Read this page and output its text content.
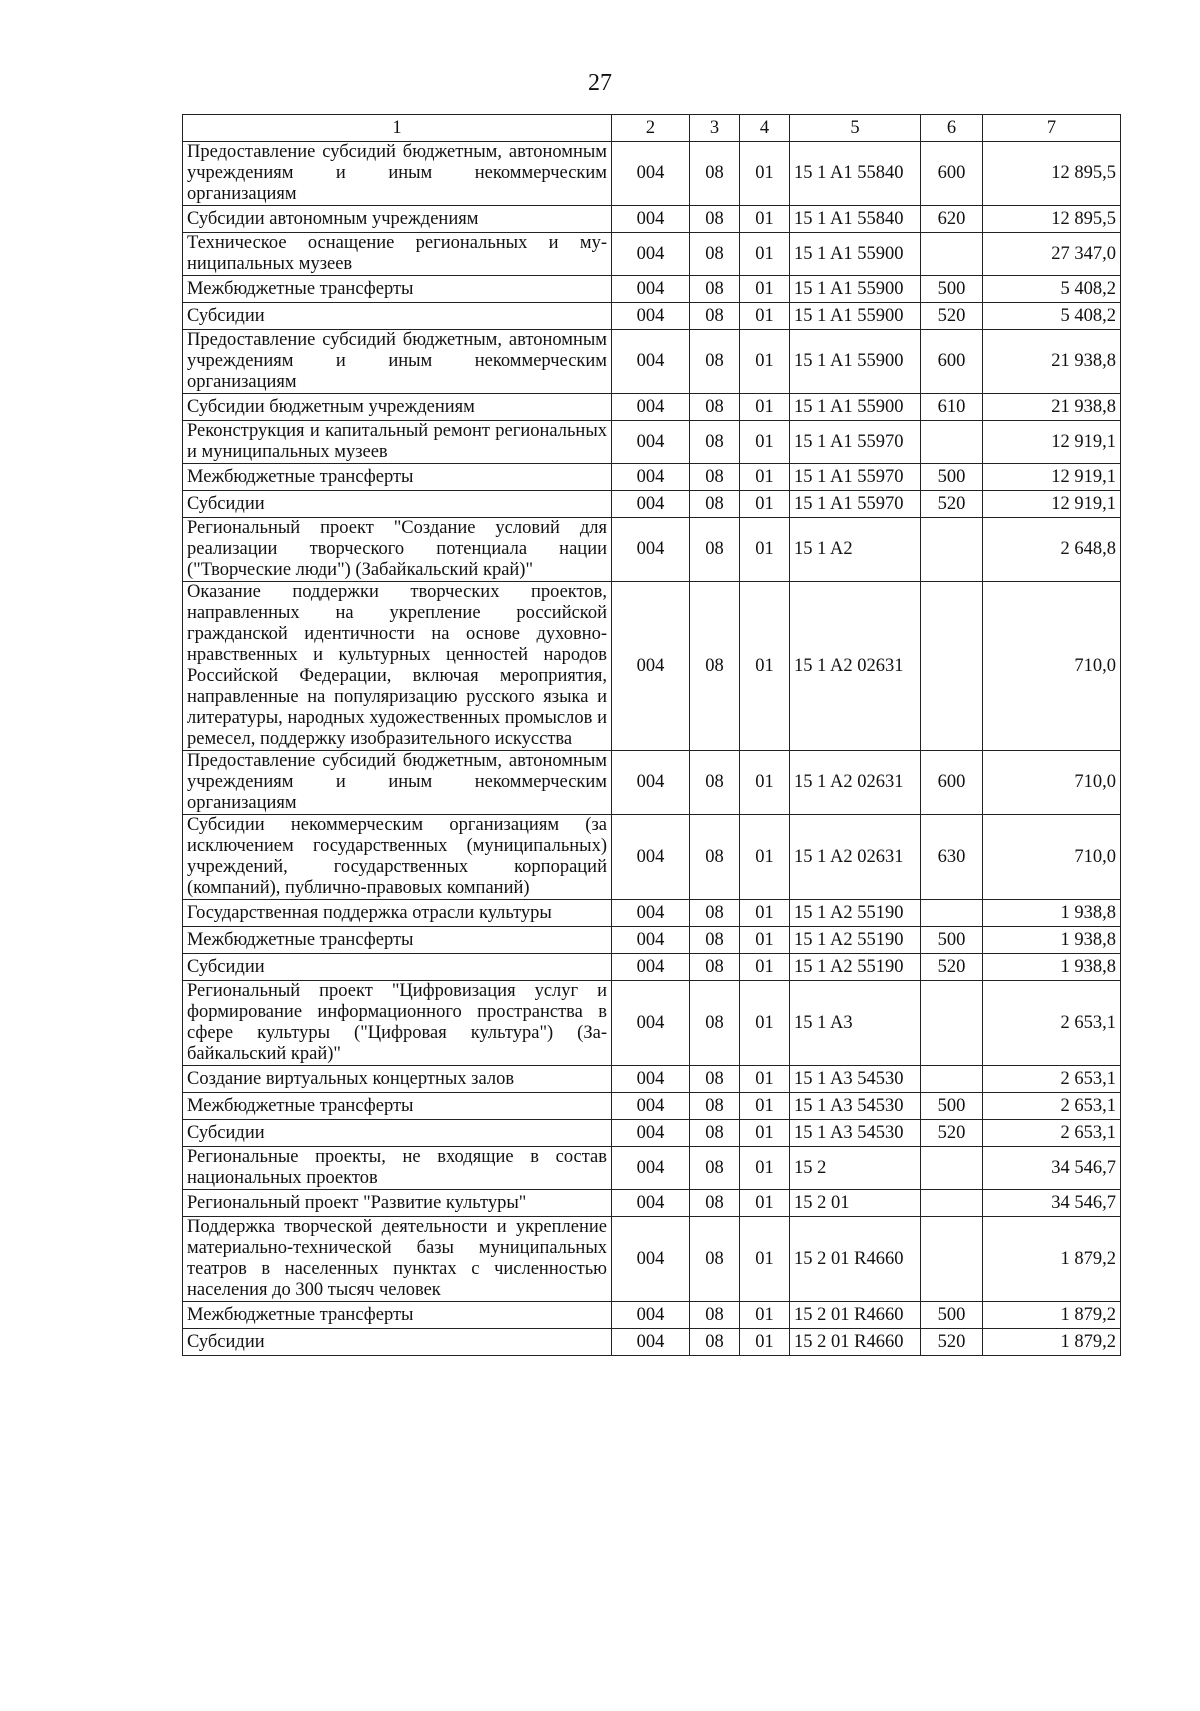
27
1	2	3	4	5	6	7
Предоставление субсидий бюджетным, автономным учреждениям и иным некоммерческим организациям	004	08	01	15 1 A1 55840	600	12 895,5
Субсидии автономным учреждениям	004	08	01	15 1 A1 55840	620	12 895,5
Техническое оснащение региональных и муниципальных музеев	004	08	01	15 1 A1 55900		27 347,0
Межбюджетные трансферты	004	08	01	15 1 A1 55900	500	5 408,2
Субсидии	004	08	01	15 1 A1 55900	520	5 408,2
Предоставление субсидий бюджетным, автономным учреждениям и иным некоммерческим организациям	004	08	01	15 1 A1 55900	600	21 938,8
Субсидии бюджетным учреждениям	004	08	01	15 1 A1 55900	610	21 938,8
Реконструкция и капитальный ремонт региональных и муниципальных музеев	004	08	01	15 1 A1 55970		12 919,1
Межбюджетные трансферты	004	08	01	15 1 A1 55970	500	12 919,1
Субсидии	004	08	01	15 1 A1 55970	520	12 919,1
Региональный проект "Создание условий для реализации творческого потенциала нации ("Творческие люди") (Забайкальский край)"	004	08	01	15 1 A2		2 648,8
Оказание поддержки творческих проектов, направленных на укрепление российской гражданской идентичности на основе духовно-нравственных и культурных ценностей народов Российской Федерации, включая мероприятия, направленные на популяризацию русского языка и литературы, народных художественных промыслов и ремесел, поддержку изобразительного искусства	004	08	01	15 1 A2 02631		710,0
Предоставление субсидий бюджетным, автономным учреждениям и иным некоммерческим организациям	004	08	01	15 1 A2 02631	600	710,0
Субсидии некоммерческим организациям (за исключением государственных (муниципальных) учреждений, государственных корпораций (компаний), публично-правовых компаний)	004	08	01	15 1 A2 02631	630	710,0
Государственная поддержка отрасли культуры	004	08	01	15 1 A2 55190		1 938,8
Межбюджетные трансферты	004	08	01	15 1 A2 55190	500	1 938,8
Субсидии	004	08	01	15 1 A2 55190	520	1 938,8
Региональный проект "Цифровизация услуг и формирование информационного пространства в сфере культуры ("Цифровая культура") (Забайкальский край)"	004	08	01	15 1 A3		2 653,1
Создание виртуальных концертных залов	004	08	01	15 1 A3 54530		2 653,1
Межбюджетные трансферты	004	08	01	15 1 A3 54530	500	2 653,1
Субсидии	004	08	01	15 1 A3 54530	520	2 653,1
Региональные проекты, не входящие в состав национальных проектов	004	08	01	15 2		34 546,7
Региональный проект "Развитие культуры"	004	08	01	15 2 01		34 546,7
Поддержка творческой деятельности и укрепление материально-технической базы муниципальных театров в населенных пунктах с численностью населения до 300 тысяч человек	004	08	01	15 2 01 R4660		1 879,2
Межбюджетные трансферты	004	08	01	15 2 01 R4660	500	1 879,2
Субсидии	004	08	01	15 2 01 R4660	520	1 879,2
